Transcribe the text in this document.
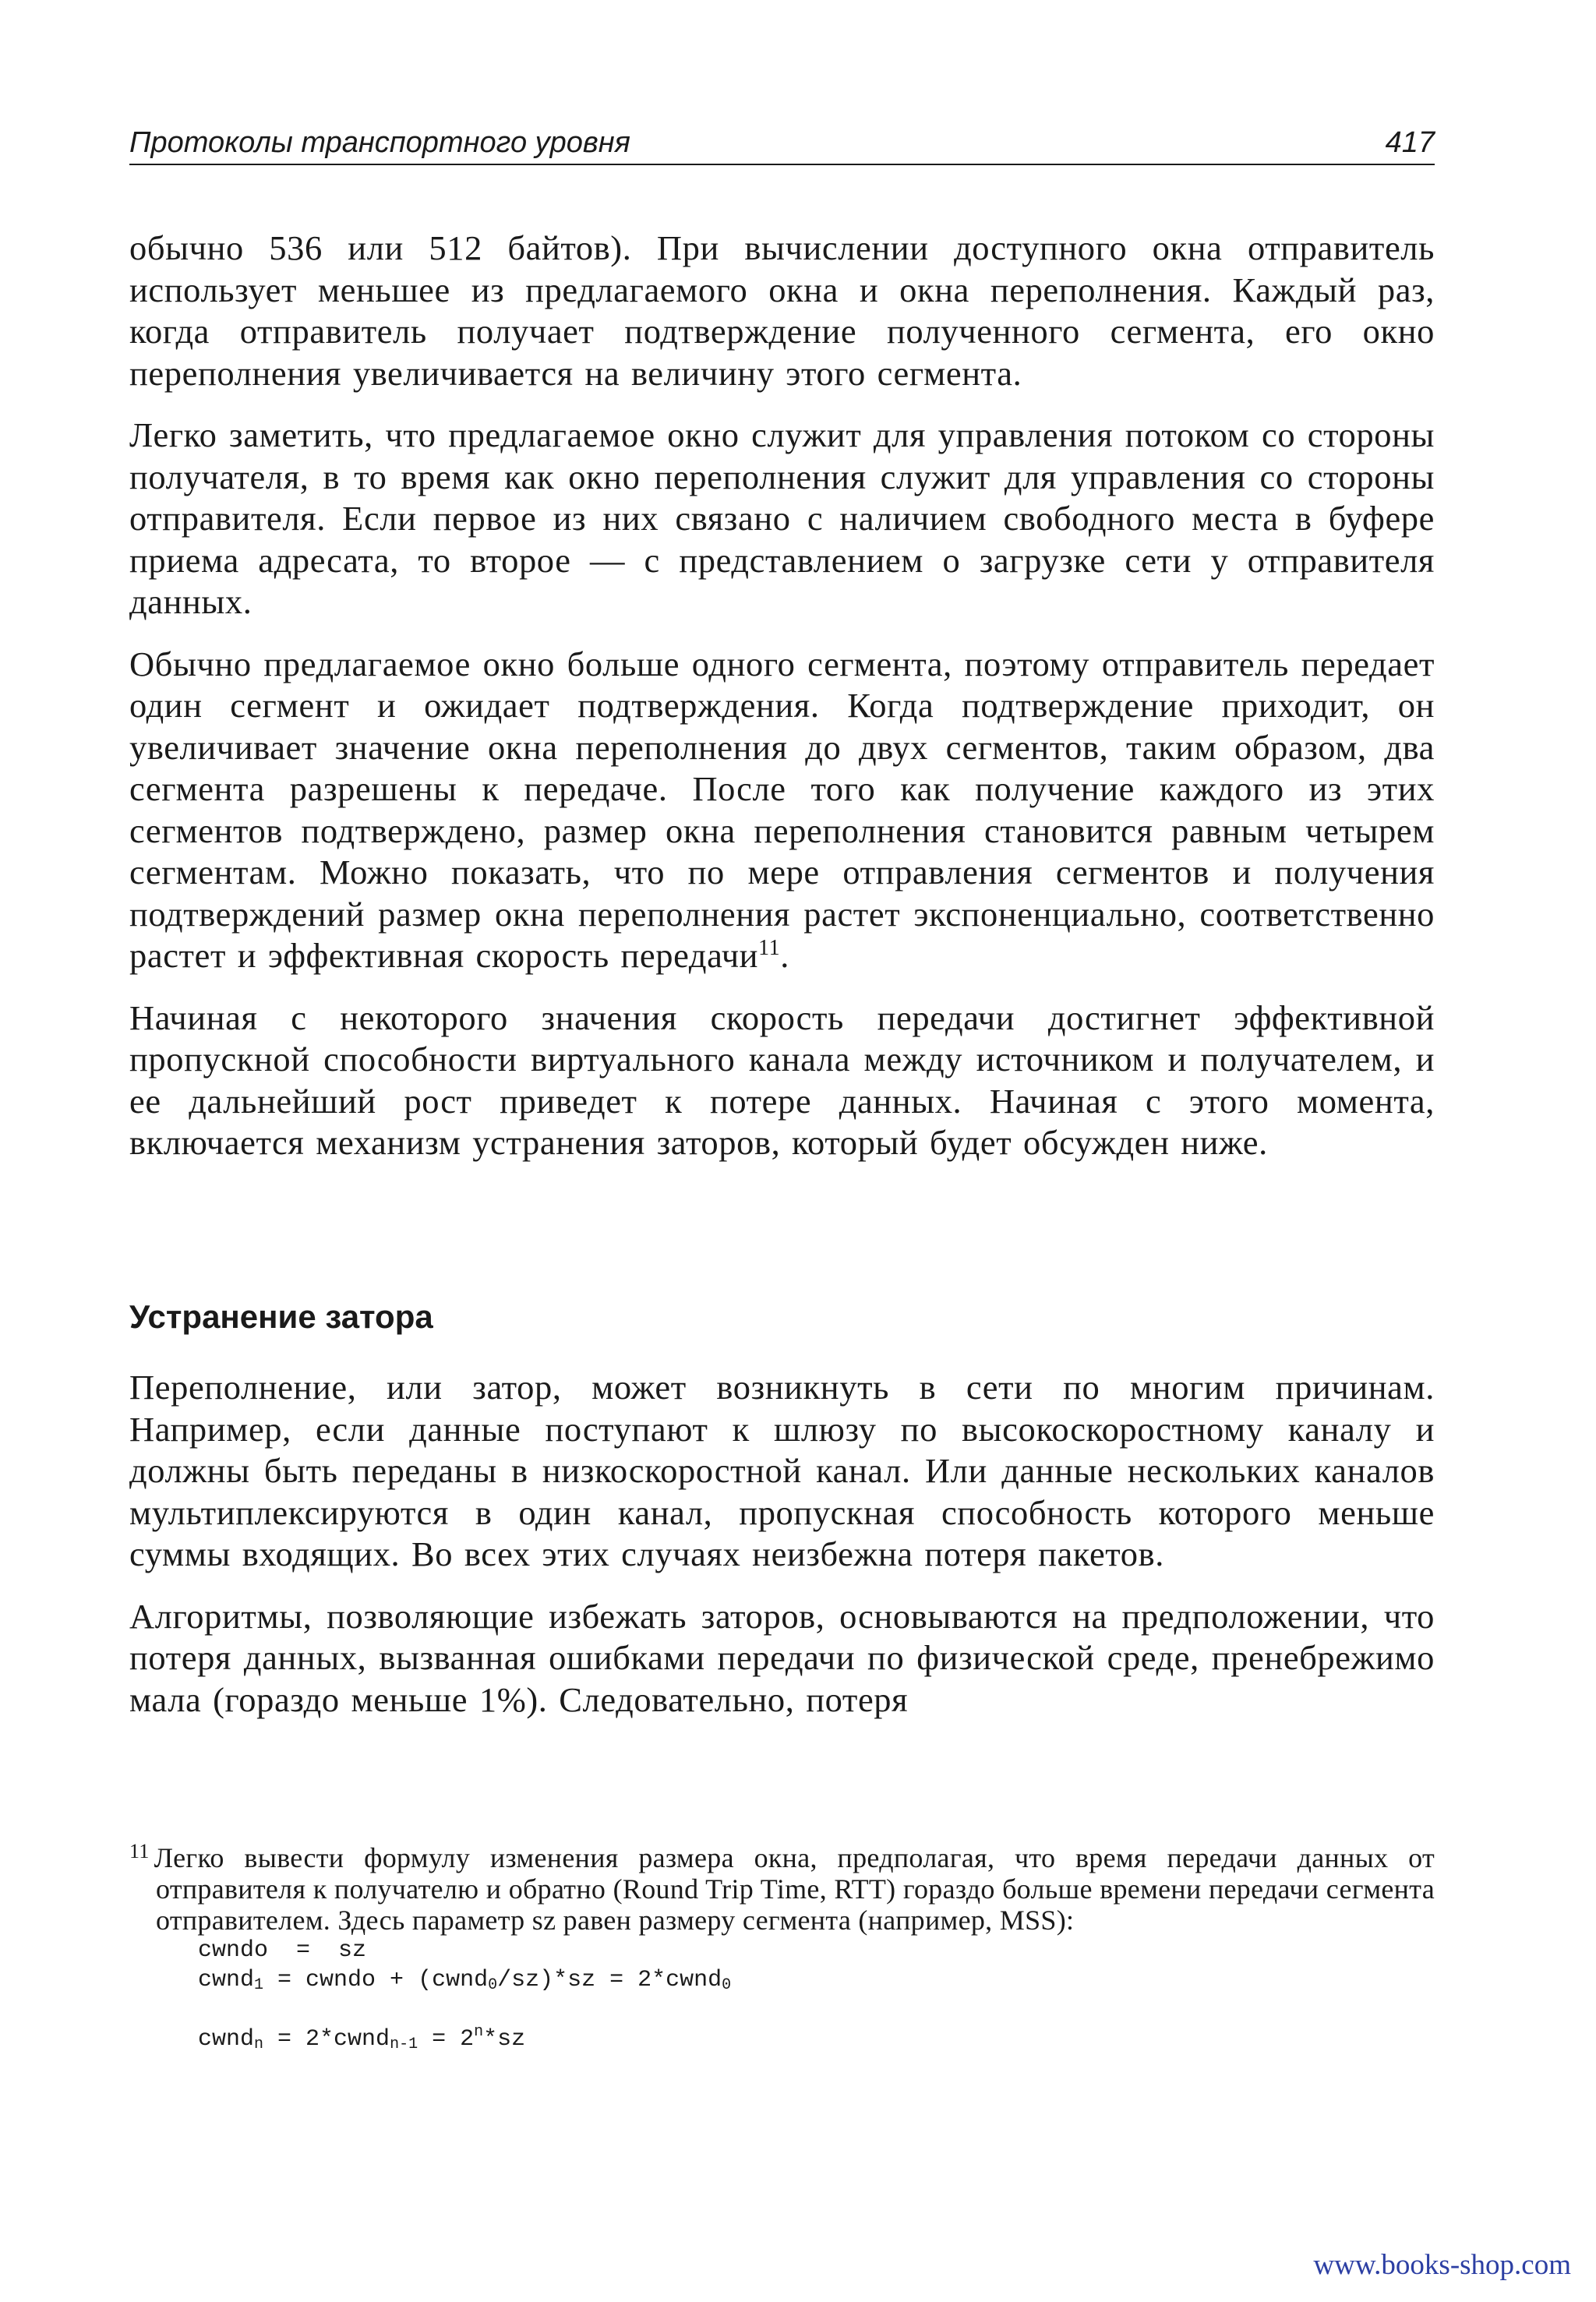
Протоколы транспортного уровня	417

обычно 536 или 512 байтов). При вычислении доступного окна отправитель использует меньшее из предлагаемого окна и окна переполнения. Каждый раз, когда отправитель получает подтверждение полученного сегмента, его окно переполнения увеличивается на величину этого сегмента.

Легко заметить, что предлагаемое окно служит для управления потоком со стороны получателя, в то время как окно переполнения служит для управления со стороны отправителя. Если первое из них связано с наличием свободного места в буфере приема адресата, то второе — с представлением о загрузке сети у отправителя данных.

Обычно предлагаемое окно больше одного сегмента, поэтому отправитель передает один сегмент и ожидает подтверждения. Когда подтверждение приходит, он увеличивает значение окна переполнения до двух сегментов, таким образом, два сегмента разрешены к передаче. После того как получение каждого из этих сегментов подтверждено, размер окна переполнения становится равным четырем сегментам. Можно показать, что по мере отправления сегментов и получения подтверждений размер окна переполнения растет экспоненциально, соответственно растет и эффективная скорость передачи$^{11}$.

Начиная с некоторого значения скорость передачи достигнет эффективной пропускной способности виртуального канала между источником и получателем, и ее дальнейший рост приведет к потере данных. Начиная с этого момента, включается механизм устранения заторов, который будет обсужден ниже.

Устранение затора

Переполнение, или затор, может возникнуть в сети по многим причинам. Например, если данные поступают к шлюзу по высокоскоростному каналу и должны быть переданы в низкоскоростной канал. Или данные нескольких каналов мультиплексируются в один канал, пропускная способность которого меньше суммы входящих. Во всех этих случаях неизбежна потеря пакетов.

Алгоритмы, позволяющие избежать заторов, основываются на предположении, что потеря данных, вызванная ошибками передачи по физической среде, пренебрежимо мала (гораздо меньше 1%). Следовательно, потеря

$^{11}$ Легко вывести формулу изменения размера окна, предполагая, что время передачи данных от отправителя к получателю и обратно (Round Trip Time, RTT) гораздо больше времени передачи сегмента отправителем. Здесь параметр sz равен размеру сегмента (например, MSS):
cwndo  =  sz
cwnd$_1$ = cwndo + (cwnd$_0$/sz)*sz = 2*cwnd$_0$
cwnd$_n$ = 2*cwnd$_{n-1}$ = $2^n*sz$
www.books-shop.com
